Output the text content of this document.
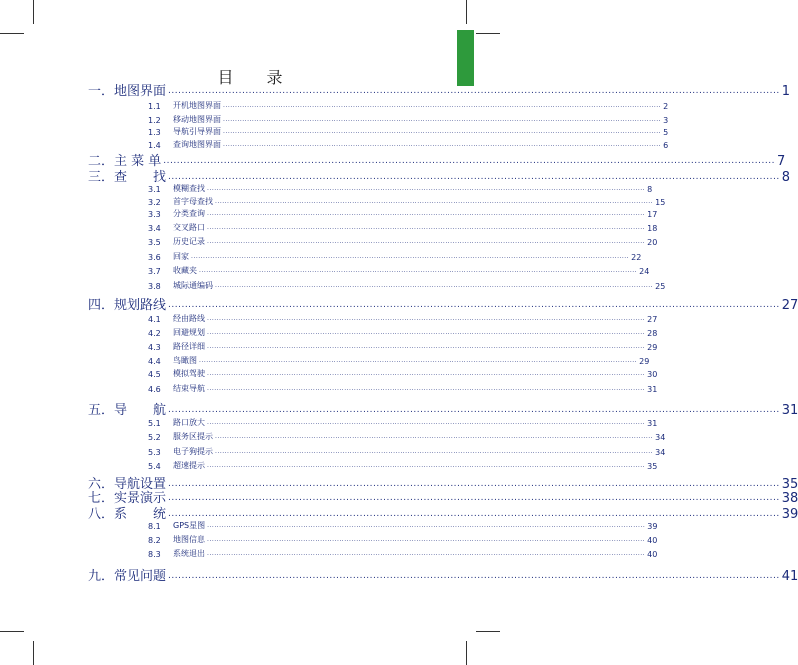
目 录
一．地图界面 ...................................................................................................................................................................................... 1
1.1	开机地图界面 ...................................................................................................................................................................................... 2
1.2	移动地图界面 ...................................................................................................................................................................................... 3
1.3	导航引导界面 ...................................................................................................................................................................................... 5
1.4	查询地图界面 ...................................................................................................................................................................................... 6
二．主 菜 单 ...................................................................................................................................................................................... 7
三．查　　找 ...................................................................................................................................................................................... 8
3.1	模糊查找 ...................................................................................................................................................................................... 8
3.2	首字母查找 ...................................................................................................................................................................................... 15
3.3	分类查询 ...................................................................................................................................................................................... 17
3.4	交叉路口 ...................................................................................................................................................................................... 18
3.5	历史记录 ...................................................................................................................................................................................... 20
3.6	回家 ...................................................................................................................................................................................... 22
3.7	收藏夹 ...................................................................................................................................................................................... 24
3.8	城际通编码 ...................................................................................................................................................................................... 25
四．规划路线 ...................................................................................................................................................................................... 27
4.1	经由路线 ...................................................................................................................................................................................... 27
4.2	回避规划 ...................................................................................................................................................................................... 28
4.3	路径详细 ...................................................................................................................................................................................... 29
4.4	鸟瞰图 ...................................................................................................................................................................................... 29
4.5	模拟驾驶 ...................................................................................................................................................................................... 30
4.6	结束导航 ...................................................................................................................................................................................... 31
五．导　　航 ...................................................................................................................................................................................... 31
5.1	路口放大 ...................................................................................................................................................................................... 31
5.2	服务区提示 ...................................................................................................................................................................................... 34
5.3	电子狗提示 ...................................................................................................................................................................................... 34
5.4	超速提示 ...................................................................................................................................................................................... 35
六．导航设置 ...................................................................................................................................................................................... 35
七．实景演示 ...................................................................................................................................................................................... 38
八．系　　统 ...................................................................................................................................................................................... 39
8.1	GPS星图 ...................................................................................................................................................................................... 39
8.2	地图信息 ...................................................................................................................................................................................... 40
8.3	系统退出 ...................................................................................................................................................................................... 40
九．常见问题 ...................................................................................................................................................................................... 41
